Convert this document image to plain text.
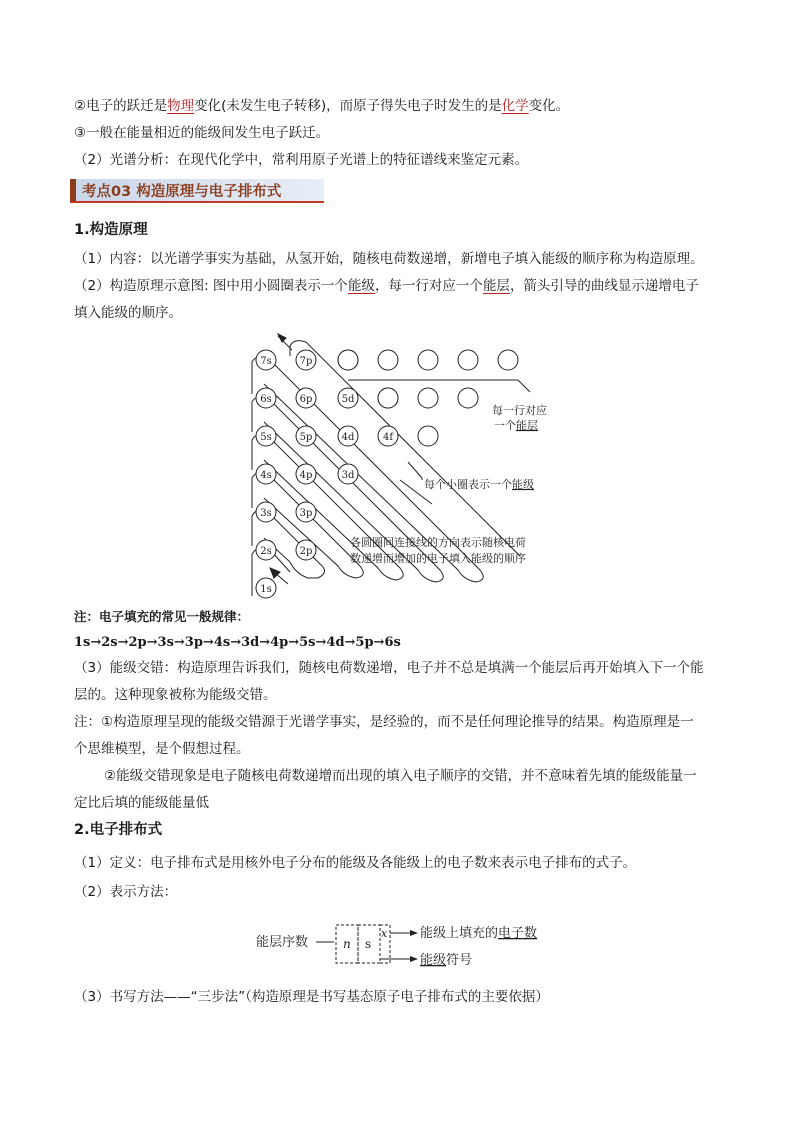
②电子的跃迁是物理变化(未发生电子转移)，而原子得失电子时发生的是化学变化。
③一般在能量相近的能级间发生电子跃迁。
（2）光谱分析：在现代化学中，常利用原子光谱上的特征谱线来鉴定元素。
考点03 构造原理与电子排布式
1.构造原理
（1）内容：以光谱学事实为基础，从氢开始，随核电荷数递增，新增电子填入能级的顺序称为构造原理。
（2）构造原理示意图: 图中用小圆圈表示一个能级，每一行对应一个能层，箭头引导的曲线显示递增电子
填入能级的顺序。
1s
2s
3s
4s
5s
6s
7s
2p
3p
4p
5p
6p
7p
3d
4d
5d
4f
每一行对应
一个能层
每个小圈表示一个能级
各圆圈间连接线的方向表示随核电荷
数递增而增加的电子填入能级的顺序
注：电子填充的常见一般规律：
1s→2s→2p→3s→3p→4s→3d→4p→5s→4d→5p→6s
（3）能级交错：构造原理告诉我们，随核电荷数递增，电子并不总是填满一个能层后再开始填入下一个能
层的。这种现象被称为能级交错。
注：①构造原理呈现的能级交错源于光谱学事实，是经验的，而不是任何理论推导的结果。构造原理是一
个思维模型，是个假想过程。
②能级交错现象是电子随核电荷数递增而出现的填入电子顺序的交错，并不意味着先填的能级能量一
定比后填的能级能量低
2.电子排布式
（1）定义：电子排布式是用核外电子分布的能级及各能级上的电子数来表示电子排布的式子。
（2）表示方法：
能层序数	n s
x	能级上填充的电子数
能级符号
（3）书写方法——“三步法”（构造原理是书写基态原子电子排布式的主要依据）
